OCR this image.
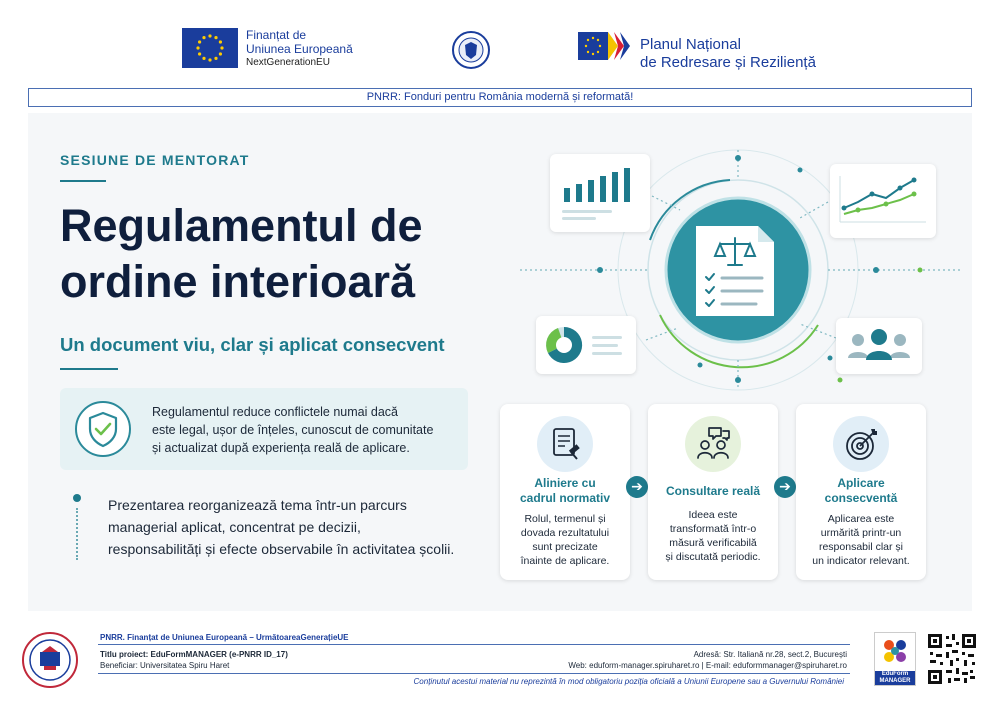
Finanțat de
Uniunea Europeană
NextGenerationEU
Planul Național
de Redresare și Reziliență
PNRR: Fonduri pentru România modernă și reformată!
SESIUNE DE MENTORAT
Regulamentul de
ordine interioară
Un document viu, clar și aplicat consecvent
Regulamentul reduce conflictele numai dacă
este legal, ușor de înțeles, cunoscut de comunitate
și actualizat după experiența reală de aplicare.
Prezentarea reorganizează tema într-un parcurs
managerial aplicat, concentrat pe decizii,
responsabilități și efecte observabile în activitatea școlii.
Aliniere cu
cadrul normativ
Rolul, termenul și
dovada rezultatului
sunt precizate
înainte de aplicare.
➔	Consultare reală
Ideea este
transformată într-o
măsură verificabilă
și discutată periodic.
➔	Aplicare
consecventă
Aplicarea este
urmărită printr-un
responsabil clar și
un indicator relevant.
PNRR. Finanțat de Uniunea Europeană – UrmătoareaGenerațieUE
Titlu proiect: EduFormMANAGER (e-PNRR ID_17)
Beneficiar: Universitatea Spiru Haret
Adresă: Str. Italiană nr.28, sect.2, București
Web: eduform-manager.spiruharet.ro | E-mail: eduformmanager@spiruharet.ro
Conținutul acestui material nu reprezintă în mod obligatoriu poziția oficială a Uniunii Europene sau a Guvernului României
EduForm
MANAGER
